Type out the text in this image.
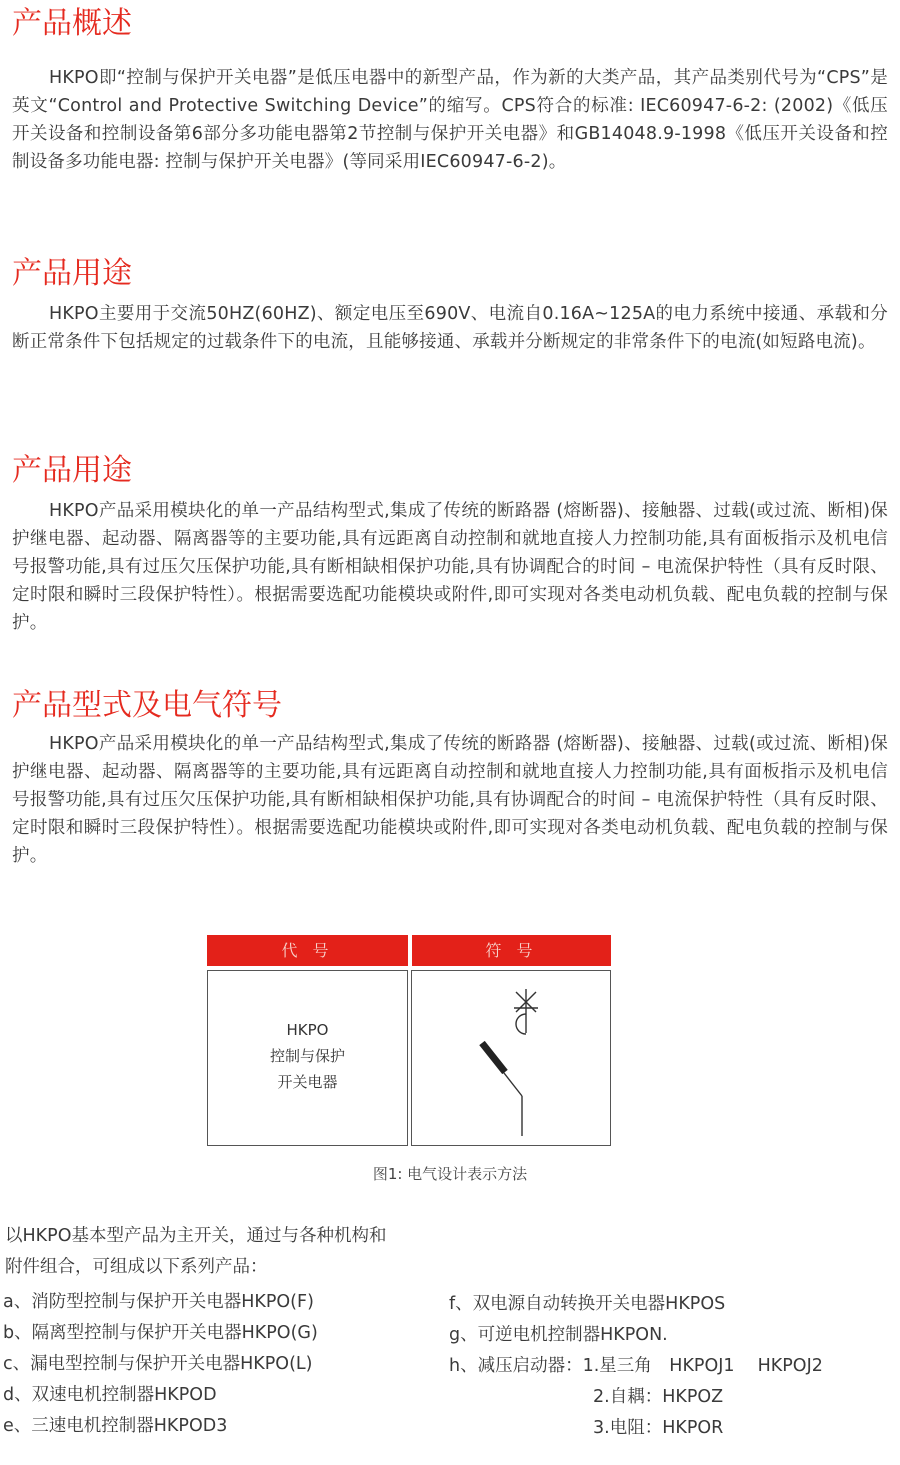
产品概述

HKPO即“控制与保护开关电器”是低压电器中的新型产品，作为新的大类产品，其产品类别代号为“CPS”是英文“Control and Protective Switching Device”的缩写。CPS符合的标准: IEC60947-6-2: (2002)《低压开关设备和控制设备第6部分多功能电器第2节控制与保护开关电器》和GB14048.9-1998《低压开关设备和控制设备多功能电器: 控制与保护开关电器》(等同采用IEC60947-6-2)。

产品用途

HKPO主要用于交流50HZ(60HZ)、额定电压至690V、电流自0.16A~125A的电力系统中接通、承载和分断正常条件下包括规定的过载条件下的电流，且能够接通、承载并分断规定的非常条件下的电流(如短路电流)。

产品用途

HKPO产品采用模块化的单一产品结构型式,集成了传统的断路器 (熔断器)、接触器、过载(或过流、断相)保护继电器、起动器、隔离器等的主要功能,具有远距离自动控制和就地直接人力控制功能,具有面板指示及机电信号报警功能,具有过压欠压保护功能,具有断相缺相保护功能,具有协调配合的时间 – 电流保护特性（具有反时限、定时限和瞬时三段保护特性）。根据需要选配功能模块或附件,即可实现对各类电动机负载、配电负载的控制与保护。

产品型式及电气符号

HKPO产品采用模块化的单一产品结构型式,集成了传统的断路器 (熔断器)、接触器、过载(或过流、断相)保护继电器、起动器、隔离器等的主要功能,具有远距离自动控制和就地直接人力控制功能,具有面板指示及机电信号报警功能,具有过压欠压保护功能,具有断相缺相保护功能,具有协调配合的时间 – 电流保护特性（具有反时限、定时限和瞬时三段保护特性）。根据需要选配功能模块或附件,即可实现对各类电动机负载、配电负载的控制与保护。

代 号	符 号
HKPO
控制与保护
开关电器
图1: 电气设计表示方法
以HKPO基本型产品为主开关，通过与各种机构和
附件组合，可组成以下系列产品：
a、消防型控制与保护开关电器HKPO(F)
b、隔离型控制与保护开关电器HKPO(G)
c、漏电型控制与保护开关电器HKPO(L)
d、双速电机控制器HKPOD
e、三速电机控制器HKPOD3
f、双电源自动转换开关电器HKPOS
g、可逆电机控制器HKPON.
h、减压启动器：1.星三角　HKPOJ1　 HKPOJ2
2.自耦：HKPOZ
3.电阻：HKPOR
